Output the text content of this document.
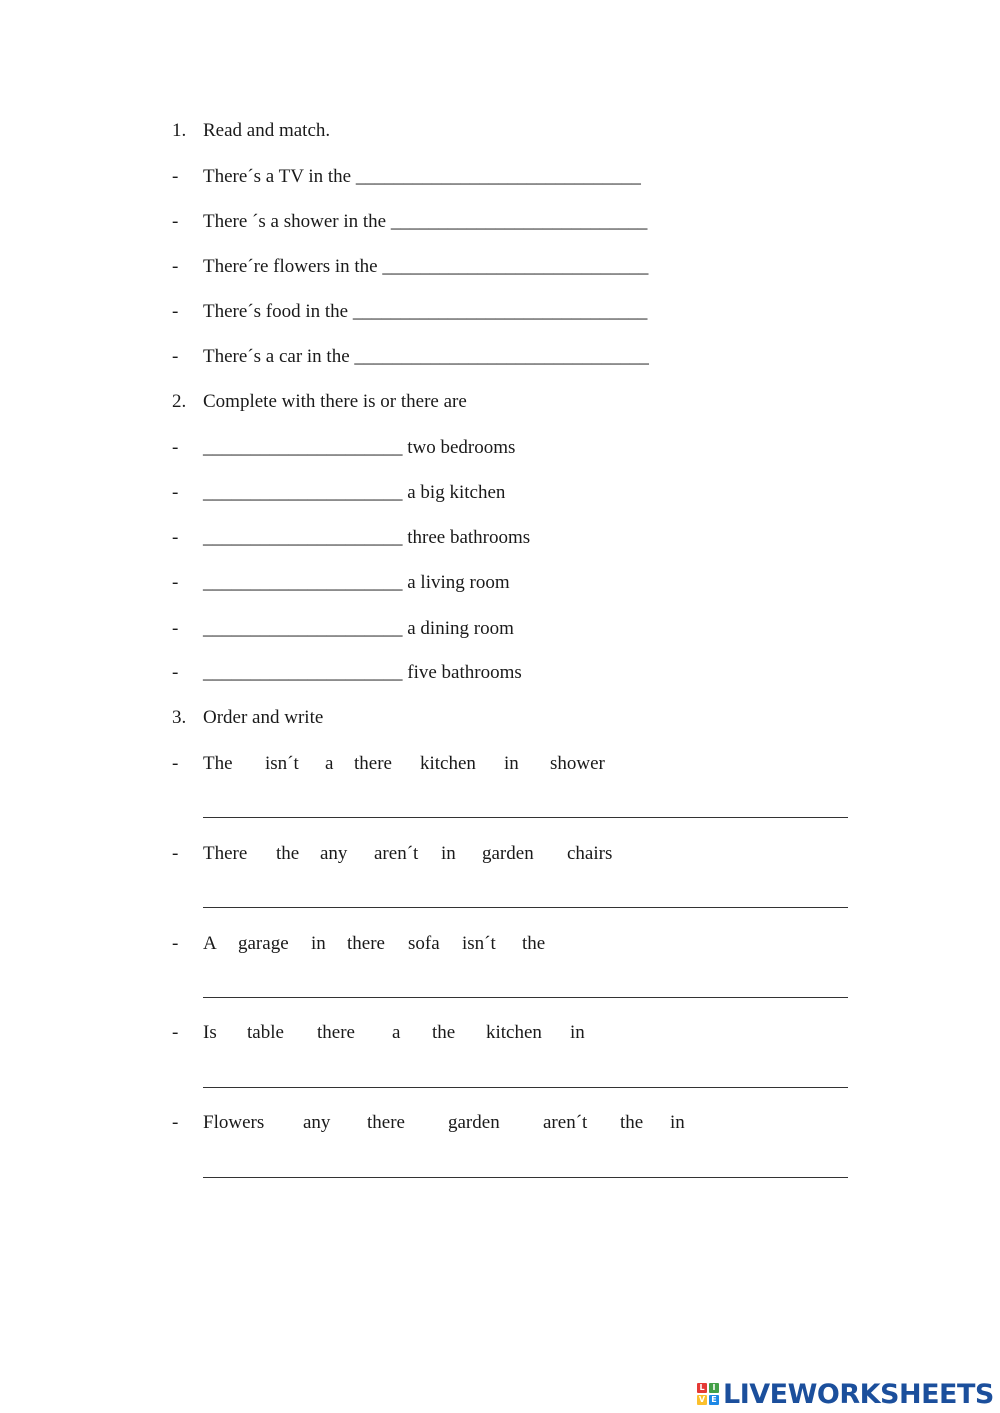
1. Read and match.
- There´s a TV in the ______________________________
- There ´s a shower in the ___________________________
- There´re flowers in the ____________________________
- There´s food in the _______________________________
- There´s a car in the _______________________________
2. Complete with there is or there are
- _____________________ two bedrooms
- _____________________ a big kitchen
- _____________________ three bathrooms
- _____________________ a living room
- _____________________ a dining room
- _____________________ five bathrooms
3. Order and write
- The isn´t a there kitchen in shower
- There the any aren´t in garden chairs
- A garage in there sofa isn´t the
- Is table there a the kitchen in
- Flowers any there garden aren´t the in
L I
V E LIVEWORKSHEETS
